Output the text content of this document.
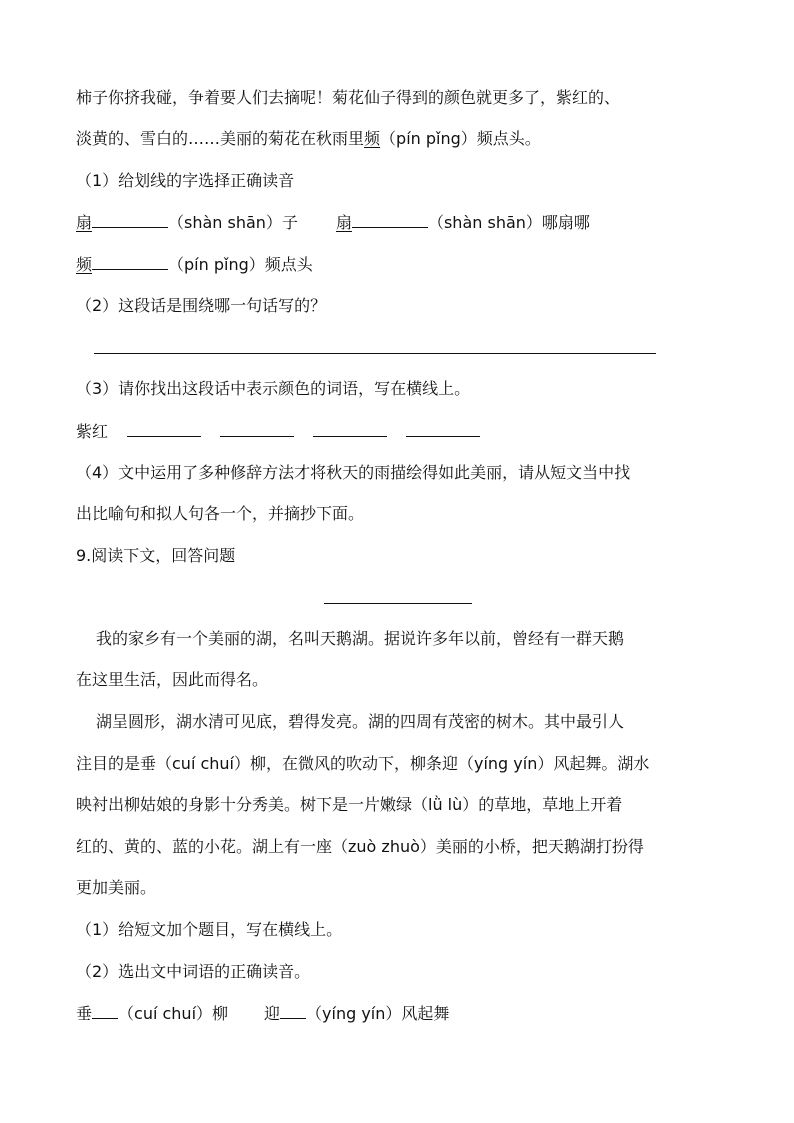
柿子你挤我碰，争着要人们去摘呢！菊花仙子得到的颜色就更多了，紫红的、
淡黄的、雪白的……美丽的菊花在秋雨里频（pín pǐng）频点头。
（1）给划线的字选择正确读音
扇	（shàn shān）子 扇	（shàn shān）哪扇哪
频	（pín pǐng）频点头
（2）这段话是围绕哪一句话写的？
（3）请你找出这段话中表示颜色的词语，写在横线上。
紫红
（4）文中运用了多种修辞方法才将秋天的雨描绘得如此美丽，请从短文当中找
出比喻句和拟人句各一个，并摘抄下面。
9.阅读下文，回答问题
我的家乡有一个美丽的湖，名叫天鹅湖。据说许多年以前，曾经有一群天鹅
在这里生活，因此而得名。
湖呈圆形，湖水清可见底，碧得发亮。湖的四周有茂密的树木。其中最引人
注目的是垂（cuí chuí）柳，在微风的吹动下，柳条迎（yíng yín）风起舞。湖水
映衬出柳姑娘的身影十分秀美。树下是一片嫩绿（lǜ lù）的草地，草地上开着
红的、黄的、蓝的小花。湖上有一座（zuò zhuò）美丽的小桥，把天鹅湖打扮得
更加美丽。
（1）给短文加个题目，写在横线上。
（2）选出文中词语的正确读音。
垂 （cuí chuí）柳 迎 （yíng yín）风起舞
